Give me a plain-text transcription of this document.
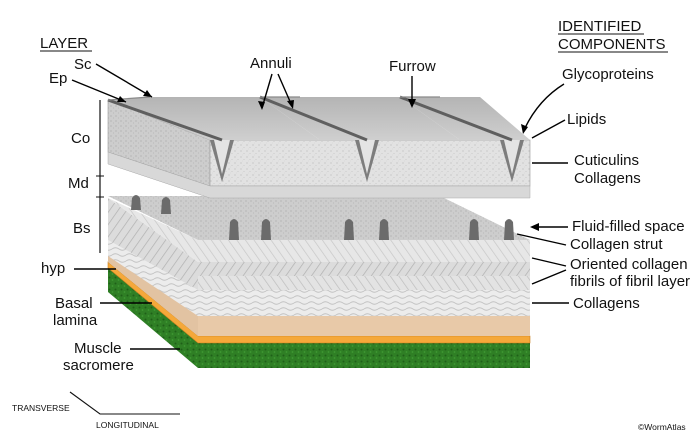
LAYER
Sc
Ep
Co
Md
Bs
hyp
Basal
lamina
Muscle
sacromere
Annuli	Furrow
IDENTIFIED
COMPONENTS
Glycoproteins
Lipids
Cuticulins
Collagens
Fluid-filled space
Collagen strut
Oriented collagen
fibrils of fibril layer
Collagens
TRANSVERSE
LONGITUDINAL	©WormAtlas
